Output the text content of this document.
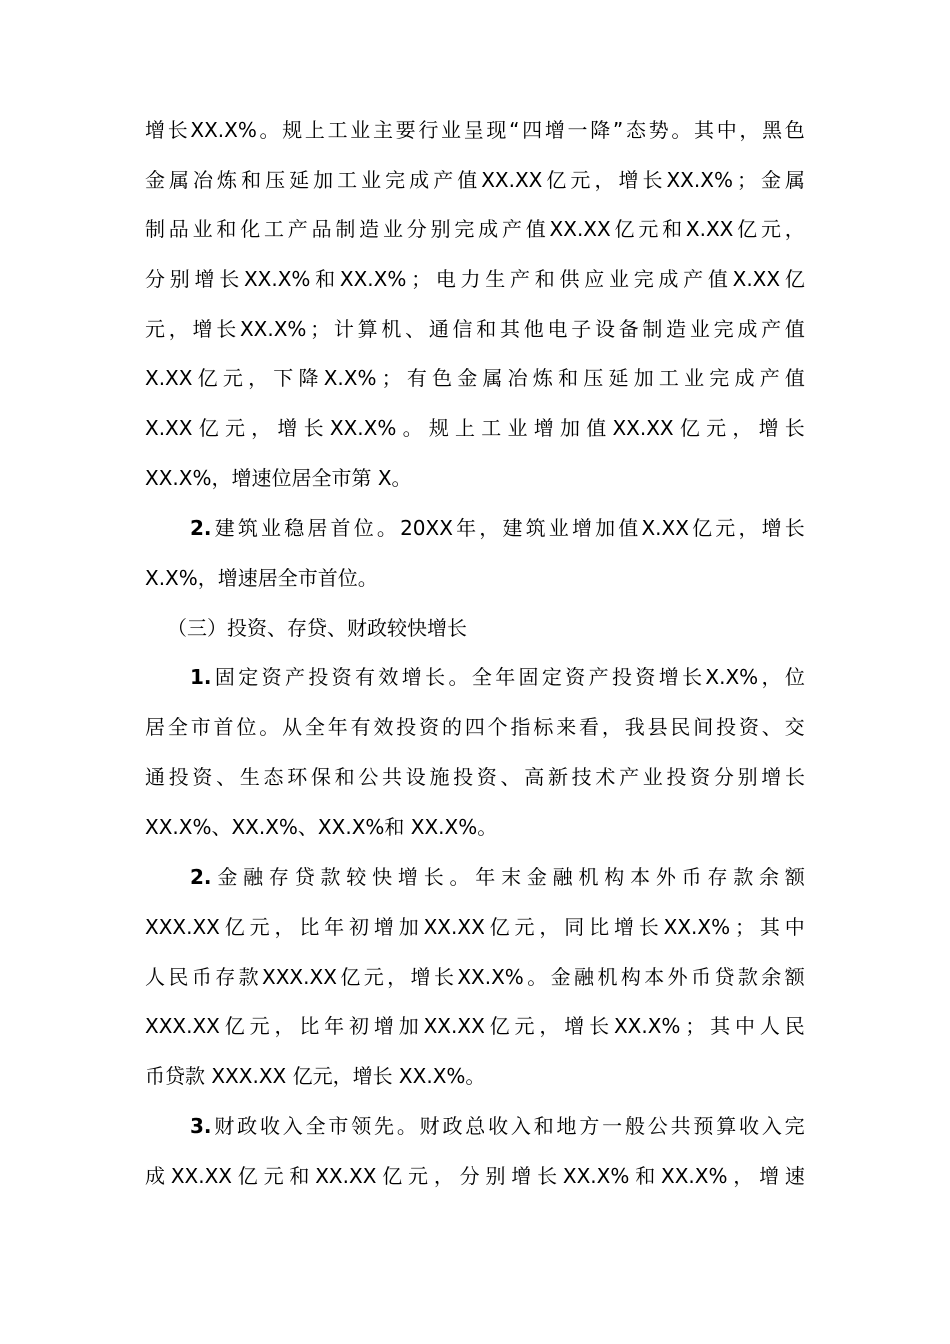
增 长 XX.X% 。 规 上 工 业 主 要 行 业 呈 现 “ 四 增 一 降 ” 态 势 。 其 中 ， 黑 色
金 属 冶 炼 和 压 延 加 工 业 完 成 产 值 XX.XX 亿 元 ， 增 长 XX.X% ； 金 属
制 品 业 和 化 工 产 品 制 造 业 分 别 完 成 产 值 XX.XX 亿 元 和 X.XX 亿 元 ，
分 别 增 长 XX.X% 和 XX.X% ； 电 力 生 产 和 供 应 业 完 成 产 值 X.XX 亿
元 ， 增 长 XX.X% ； 计 算 机 、 通 信 和 其 他 电 子 设 备 制 造 业 完 成 产 值
X.XX 亿 元 ， 下 降 X.X% ； 有 色 金 属 冶 炼 和 压 延 加 工 业 完 成 产 值
X.XX 亿 元 ， 增 长 XX.X% 。 规 上 工 业 增 加 值 XX.XX 亿 元 ， 增 长
XX.X%，增速位居全市第 X。
2. 建 筑 业 稳 居 首 位 。 20XX 年 ， 建 筑 业 增 加 值 X.XX 亿 元 ， 增 长
X.X%，增速居全市首位。
（三）投资、存贷、财政较快增长
1. 固 定 资 产 投 资 有 效 增 长 。 全 年 固 定 资 产 投 资 增 长 X.X% ， 位
居 全 市 首 位 。 从 全 年 有 效 投 资 的 四 个 指 标 来 看 ， 我 县 民 间 投 资 、 交
通 投 资 、 生 态 环 保 和 公 共 设 施 投 资 、 高 新 技 术 产 业 投 资 分 别 增 长
XX.X%、XX.X%、XX.X%和 XX.X%。
2. 金 融 存 贷 款 较 快 增 长 。 年 末 金 融 机 构 本 外 币 存 款 余 额
XXX.XX 亿 元 ， 比 年 初 增 加 XX.XX 亿 元 ， 同 比 增 长 XX.X% ； 其 中
人 民 币 存 款 XXX.XX 亿 元 ， 增 长 XX.X% 。 金 融 机 构 本 外 币 贷 款 余 额
XXX.XX 亿 元 ， 比 年 初 增 加 XX.XX 亿 元 ， 增 长 XX.X% ； 其 中 人 民
币贷款 XXX.XX 亿元，增长 XX.X%。
3. 财 政 收 入 全 市 领 先 。 财 政 总 收 入 和 地 方 一 般 公 共 预 算 收 入 完
成 XX.XX 亿 元 和 XX.XX 亿 元 ， 分 别 增 长 XX.X% 和 XX.X% ， 增 速
